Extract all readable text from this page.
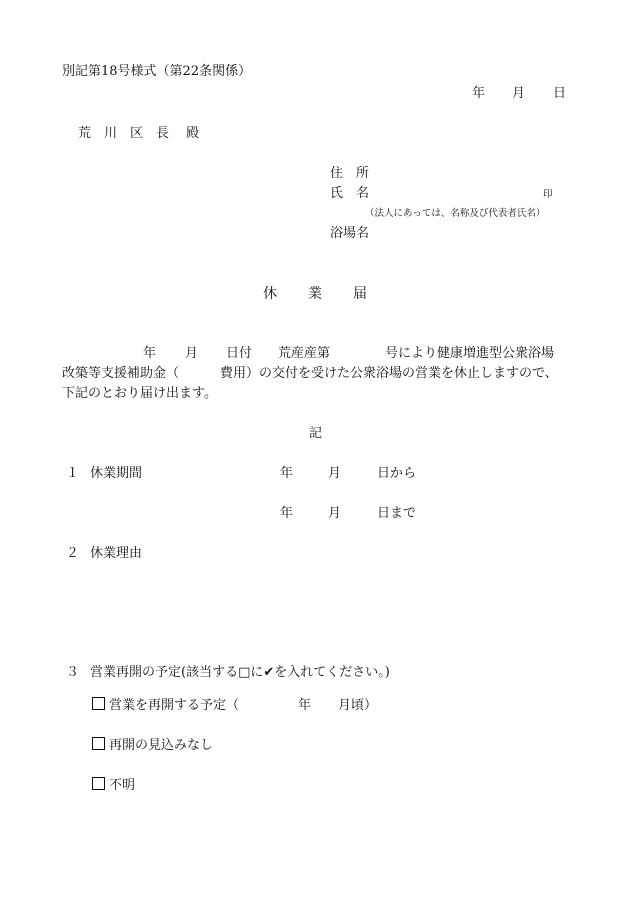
別記第18号様式（第22条関係）
年 月 日
荒　川　区　長　 殿
住　所
氏　名	印
（法人にあっては、名称及び代表者氏名）
浴場名
休　　業　　届
年 月 日付 荒産産第	号により健康増進型公衆浴場
改築等支援補助金（	費用）の交付を受けた公衆浴場の営業を休止しますので、
下記のとおり届け出ます。
記
１ 休業期間	年	月	日から
年	月	日まで
２ 休業理由
３ 営業再開の予定(該当する□に✔を入れてください。)
営業を再開する予定（	年 月頃）
再開の見込みなし
不明
